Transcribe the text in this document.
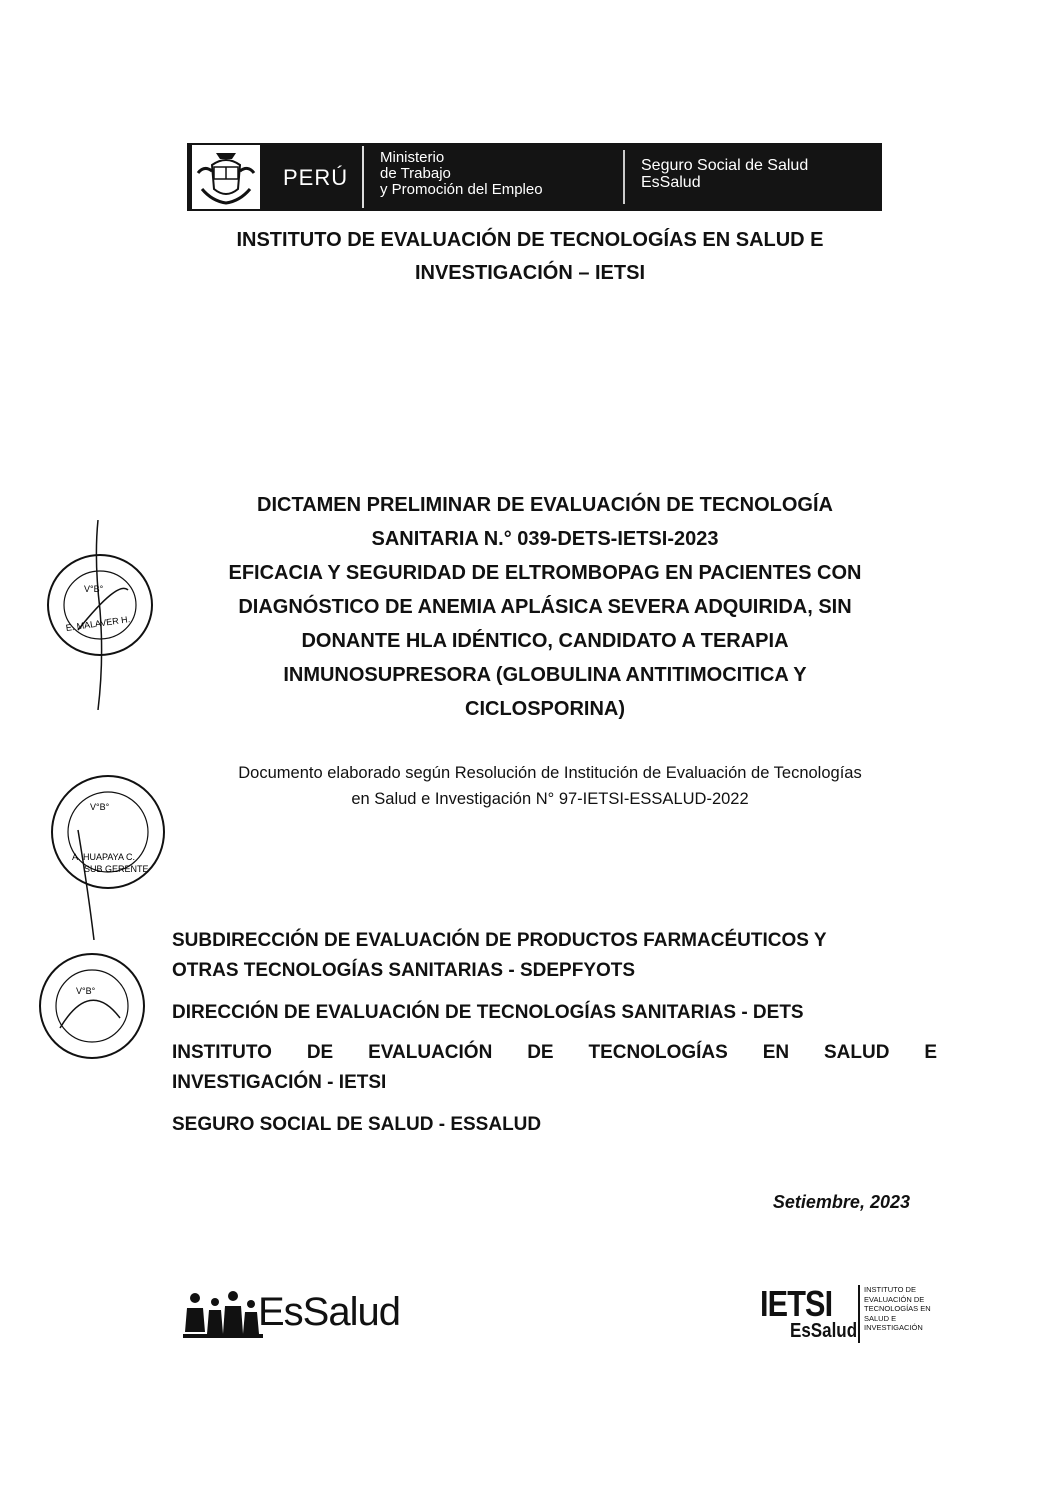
PERÚ
Ministerio
de Trabajo
y Promoción del Empleo
Seguro Social de Salud
EsSalud
INSTITUTO DE EVALUACIÓN DE TECNOLOGÍAS EN SALUD E
INVESTIGACIÓN – IETSI
DICTAMEN PRELIMINAR DE EVALUACIÓN DE TECNOLOGÍA
SANITARIA N.° 039-DETS-IETSI-2023
EFICACIA Y SEGURIDAD DE ELTROMBOPAG EN PACIENTES CON
DIAGNÓSTICO DE ANEMIA APLÁSICA SEVERA ADQUIRIDA, SIN
DONANTE HLA IDÉNTICO, CANDIDATO A TERAPIA
INMUNOSUPRESORA (GLOBULINA ANTITIMOCITICA Y
CICLOSPORINA)
Documento elaborado según Resolución de Institución de Evaluación de Tecnologías
en Salud e Investigación N° 97-IETSI-ESSALUD-2022
SUBDIRECCIÓN DE EVALUACIÓN DE PRODUCTOS FARMACÉUTICOS Y
OTRAS TECNOLOGÍAS SANITARIAS - SDEPFYOTS
DIRECCIÓN DE EVALUACIÓN DE TECNOLOGÍAS SANITARIAS - DETS
INSTITUTO DE EVALUACIÓN DE TECNOLOGÍAS EN SALUD E
INVESTIGACIÓN - IETSI
SEGURO SOCIAL DE SALUD - ESSALUD
Setiembre, 2023
V°B°
E. MALAVER H.
V°B°
A. HUAPAYA C.
SUB GERENTE
V°B°
EsSalud	IETSI
EsSalud
INSTITUTO DE
EVALUACIÓN DE
TECNOLOGÍAS EN
SALUD E
INVESTIGACIÓN
